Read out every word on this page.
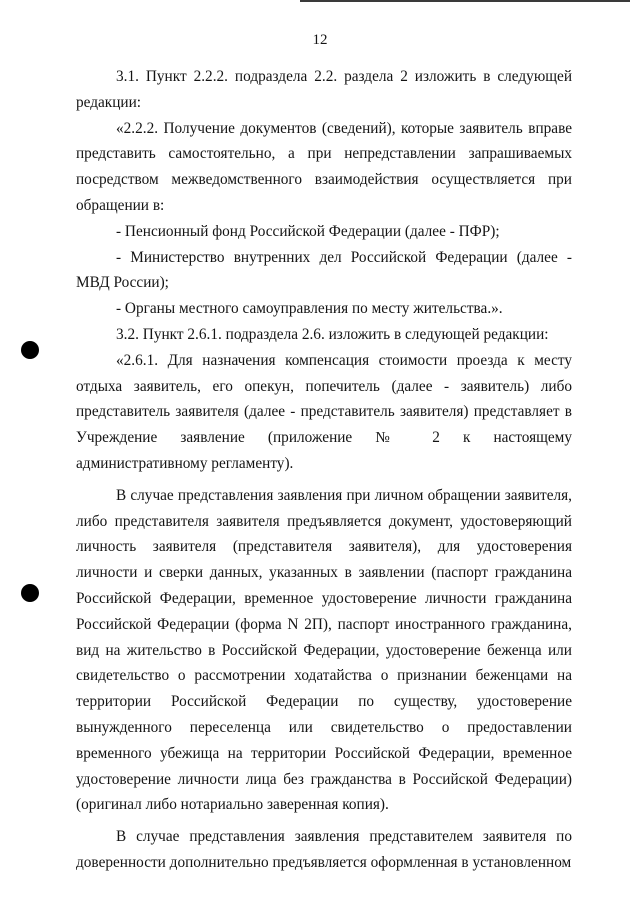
12

3.1. Пункт 2.2.2. подраздела 2.2. раздела 2 изложить в следующей редакции:

«2.2.2. Получение документов (сведений), которые заявитель вправе представить самостоятельно, а при непредставлении запрашиваемых посредством межведомственного взаимодействия осуществляется при обращении в:

- Пенсионный фонд Российской Федерации (далее - ПФР);

- Министерство внутренних дел Российской Федерации (далее - МВД России);

- Органы местного самоуправления по месту жительства.».

3.2. Пункт 2.6.1. подраздела 2.6. изложить в следующей редакции:

«2.6.1. Для назначения компенсация стоимости проезда к месту отдыха заявитель, его опекун, попечитель (далее - заявитель) либо представитель заявителя (далее - представитель заявителя) представляет в Учреждение заявление (приложение № 2 к настоящему административному регламенту).

В случае представления заявления при личном обращении заявителя, либо представителя заявителя предъявляется документ, удостоверяющий личность заявителя (представителя заявителя), для удостоверения личности и сверки данных, указанных в заявлении (паспорт гражданина Российской Федерации, временное удостоверение личности гражданина Российской Федерации (форма N 2П), паспорт иностранного гражданина, вид на жительство в Российской Федерации, удостоверение беженца или свидетельство о рассмотрении ходатайства о признании беженцами на территории Российской Федерации по существу, удостоверение вынужденного переселенца или свидетельство о предоставлении временного убежища на территории Российской Федерации, временное удостоверение личности лица без гражданства в Российской Федерации) (оригинал либо нотариально заверенная копия).

В случае представления заявления представителем заявителя по доверенности дополнительно предъявляется оформленная в установленном
